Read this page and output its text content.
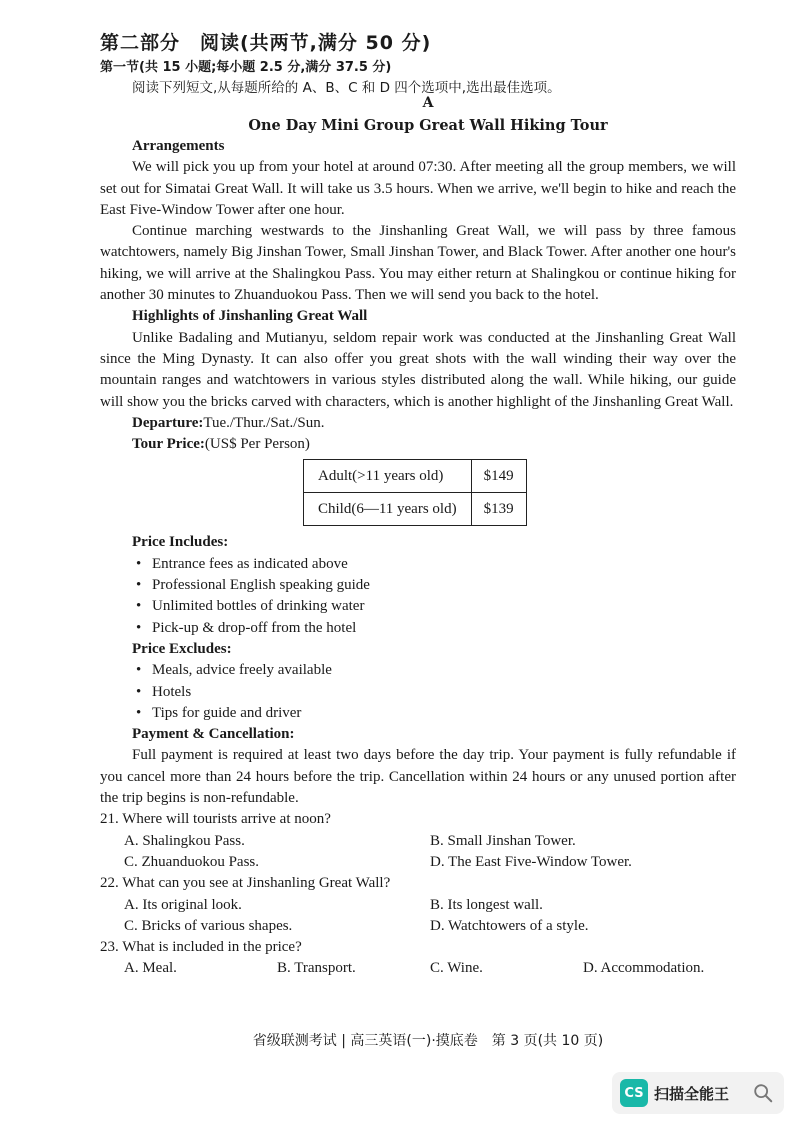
第二部分　阅读(共两节,满分 50 分)
第一节(共 15 小题;每小题 2.5 分,满分 37.5 分)
阅读下列短文,从每题所给的 A、B、C 和 D 四个选项中,选出最佳选项。
A
One Day Mini Group Great Wall Hiking Tour
Arrangements

We will pick you up from your hotel at around 07:30. After meeting all the group members, we will set out for Simatai Great Wall. It will take us 3.5 hours. When we arrive, we'll begin to hike and reach the East Five-Window Tower after one hour.

Continue marching westwards to the Jinshanling Great Wall, we will pass by three famous watchtowers, namely Big Jinshan Tower, Small Jinshan Tower, and Black Tower. After another one hour's hiking, we will arrive at the Shalingkou Pass. You may either return at Shalingkou or continue hiking for another 30 minutes to Zhuanduokou Pass. Then we will send you back to the hotel.

Highlights of Jinshanling Great Wall

Unlike Badaling and Mutianyu, seldom repair work was conducted at the Jinshanling Great Wall since the Ming Dynasty. It can also offer you great shots with the wall winding their way over the mountain ranges and watchtowers in various styles distributed along the wall. While hiking, our guide will show you the bricks carved with characters, which is another highlight of the Jinshanling Great Wall.

Departure:Tue./Thur./Sat./Sun.
Tour Price:(US$ Per Person)
Adult(>11 years old)	$149
Child(6—11 years old)	$139
Price Includes:
• Entrance fees as indicated above
• Professional English speaking guide
• Unlimited bottles of drinking water
• Pick-up & drop-off from the hotel
Price Excludes:
• Meals, advice freely available
• Hotels
• Tips for guide and driver
Payment & Cancellation:

Full payment is required at least two days before the day trip. Your payment is fully refundable if you cancel more than 24 hours before the trip. Cancellation within 24 hours or any unused portion after the trip begins is non-refundable.

21. Where will tourists arrive at noon?
A. Shalingkou Pass.	B. Small Jinshan Tower.
C. Zhuanduokou Pass.	D. The East Five-Window Tower.
22. What can you see at Jinshanling Great Wall?
A. Its original look.	B. Its longest wall.
C. Bricks of various shapes.	D. Watchtowers of a style.
23. What is included in the price?
A. Meal.	B. Transport.	C. Wine.	D. Accommodation.
省级联测考试 | 高三英语(一)·摸底卷　第 3 页(共 10 页)
CS 扫描全能王
